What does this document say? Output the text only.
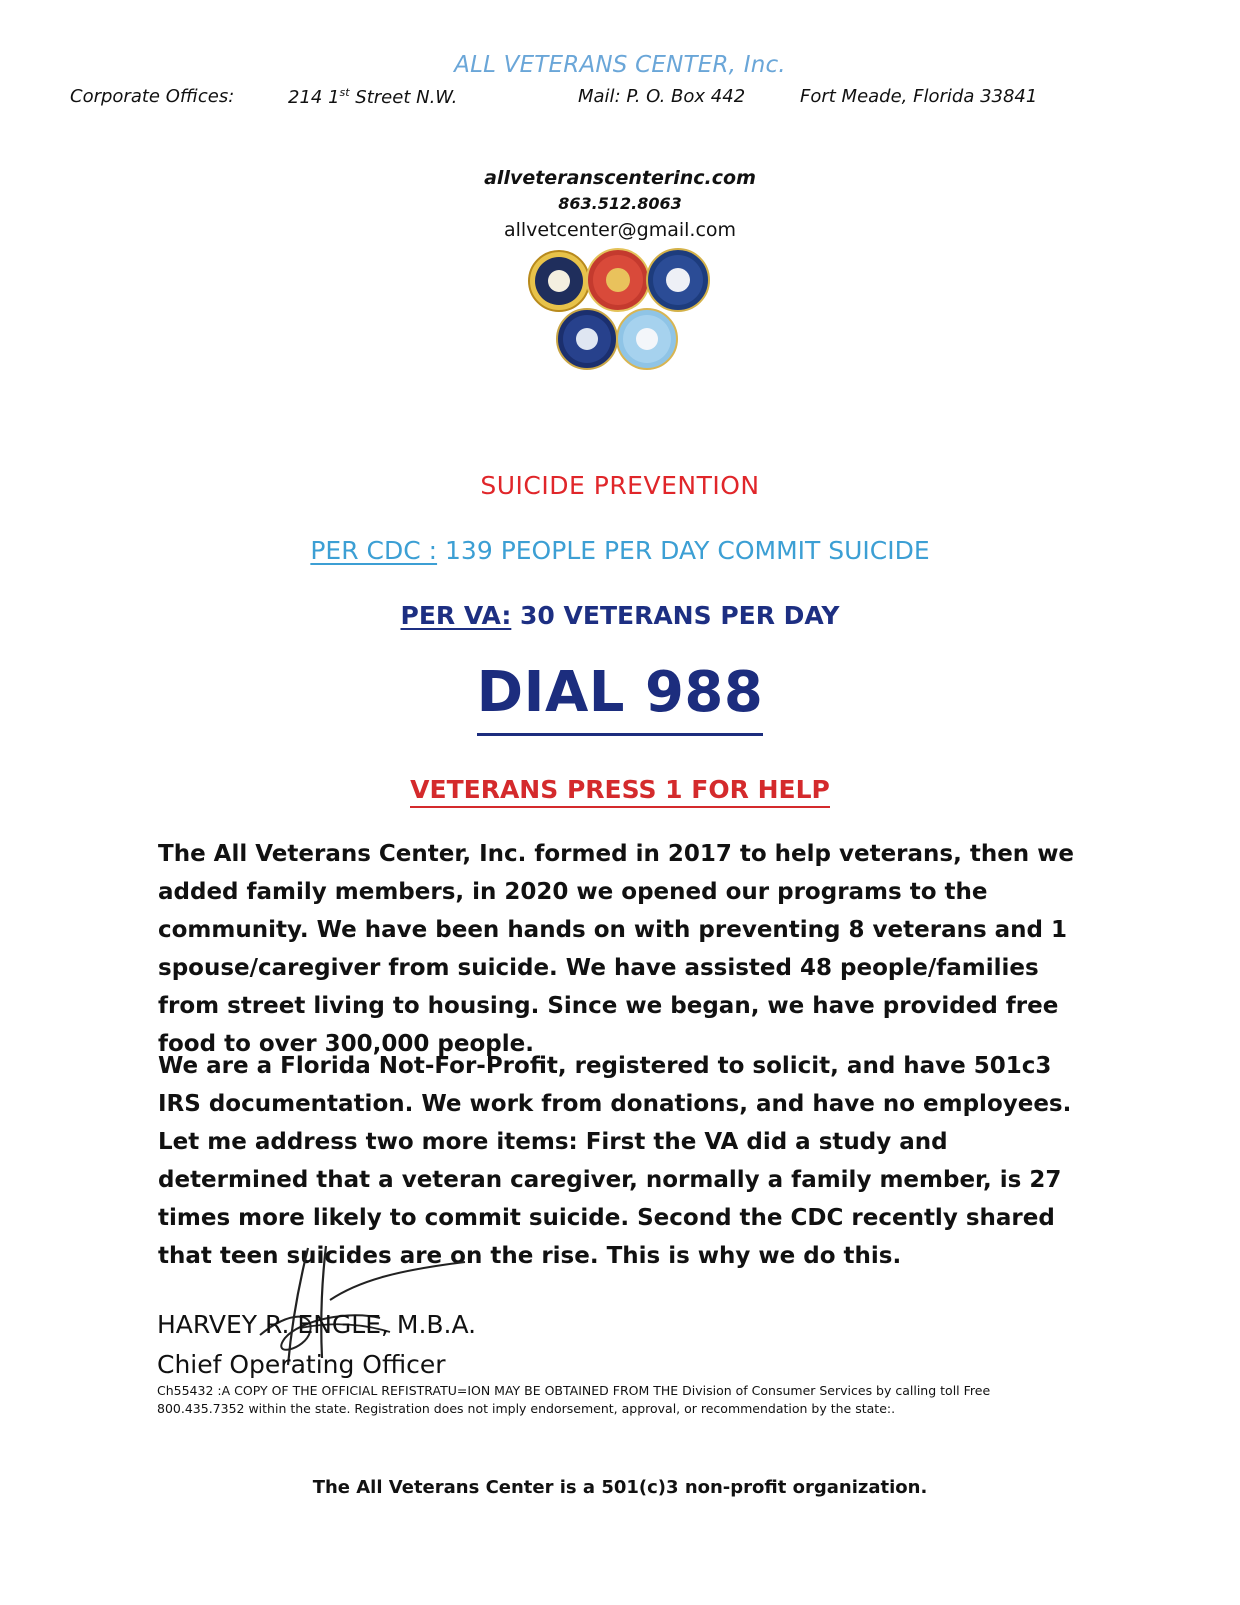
ALL VETERANS CENTER, Inc.
Corporate Offices:	214 1st Street N.W.	Mail: P. O. Box 442	Fort Meade, Florida 33841
allveteranscenterinc.com
863.512.8063
allvetcenter@gmail.com
SUICIDE PREVENTION
PER CDC : 139 PEOPLE PER DAY COMMIT SUICIDE
PER VA: 30 VETERANS PER DAY
DIAL 988
VETERANS PRESS 1 FOR HELP
The All Veterans Center, Inc. formed in 2017 to help veterans, then we added family members, in 2020 we opened our programs to the community. We have been hands on with preventing 8 veterans and 1 spouse/caregiver from suicide. We have assisted 48 people/families from street living to housing. Since we began, we have provided free food to over 300,000 people.
We are a Florida Not-For-Profit, registered to solicit, and have 501c3 IRS documentation. We work from donations, and have no employees. Let me address two more items: First the VA did a study and determined that a veteran caregiver, normally a family member, is 27 times more likely to commit suicide. Second the CDC recently shared that teen suicides are on the rise. This is why we do this.
HARVEY R. ENGLE, M.B.A.
Chief Operating Officer
Ch55432 :A COPY OF THE OFFICIAL REFISTRATU=ION MAY BE OBTAINED FROM THE Division of Consumer Services by calling toll Free 800.435.7352 within the state. Registration does not imply endorsement, approval, or recommendation by the state:.
The All Veterans Center is a 501(c)3 non-profit organization.
